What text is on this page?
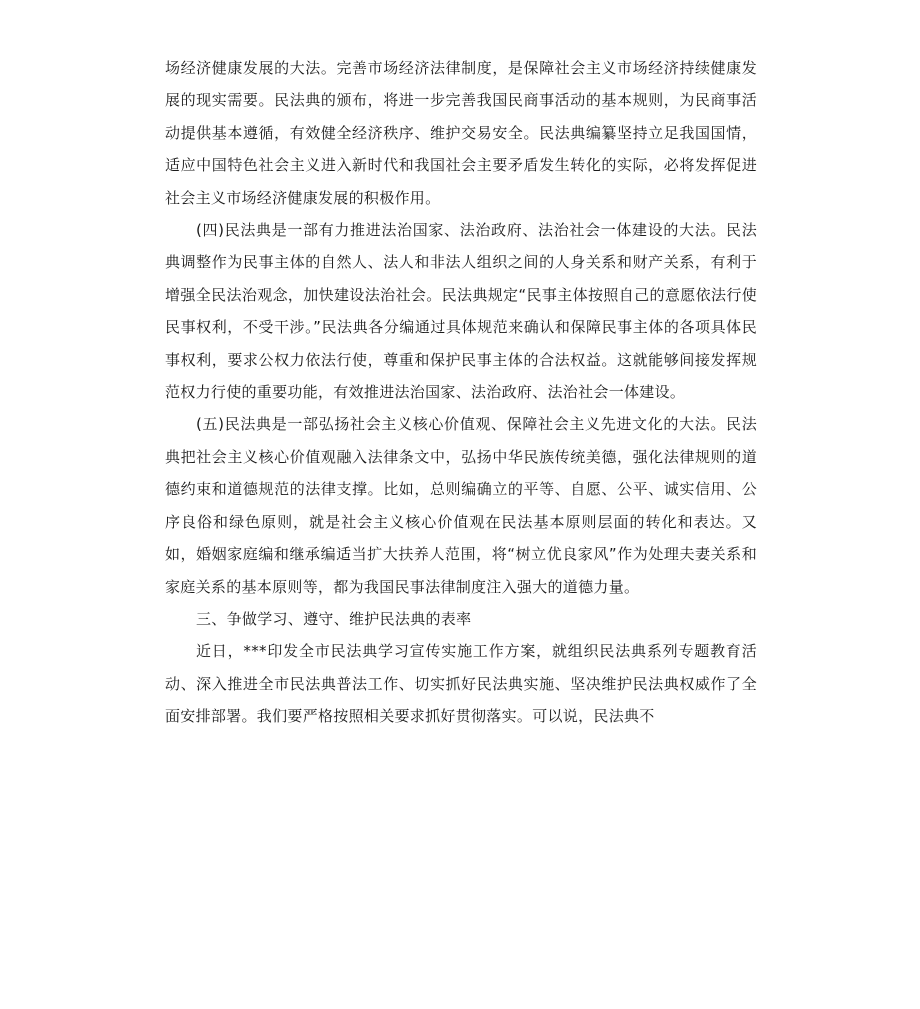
场经济健康发展的大法。完善市场经济法律制度，是保障社会主义市场经济持续健康发展的现实需要。民法典的颁布，将进一步完善我国民商事活动的基本规则，为民商事活动提供基本遵循，有效健全经济秩序、维护交易安全。民法典编纂坚持立足我国国情，适应中国特色社会主义进入新时代和我国社会主要矛盾发生转化的实际，必将发挥促进社会主义市场经济健康发展的积极作用。

(四)民法典是一部有力推进法治国家、法治政府、法治社会一体建设的大法。民法典调整作为民事主体的自然人、法人和非法人组织之间的人身关系和财产关系，有利于增强全民法治观念，加快建设法治社会。民法典规定“民事主体按照自己的意愿依法行使民事权利，不受干涉。”民法典各分编通过具体规范来确认和保障民事主体的各项具体民事权利，要求公权力依法行使，尊重和保护民事主体的合法权益。这就能够间接发挥规范权力行使的重要功能，有效推进法治国家、法治政府、法治社会一体建设。

(五)民法典是一部弘扬社会主义核心价值观、保障社会主义先进文化的大法。民法典把社会主义核心价值观融入法律条文中，弘扬中华民族传统美德，强化法律规则的道德约束和道德规范的法律支撑。比如，总则编确立的平等、自愿、公平、诚实信用、公序良俗和绿色原则，就是社会主义核心价值观在民法基本原则层面的转化和表达。又如，婚姻家庭编和继承编适当扩大扶养人范围，将“树立优良家风”作为处理夫妻关系和家庭关系的基本原则等，都为我国民事法律制度注入强大的道德力量。

三、争做学习、遵守、维护民法典的表率

近日，***印发全市民法典学习宣传实施工作方案，就组织民法典系列专题教育活动、深入推进全市民法典普法工作、切实抓好民法典实施、坚决维护民法典权威作了全面安排部署。我们要严格按照相关要求抓好贯彻落实。可以说，民法典不
